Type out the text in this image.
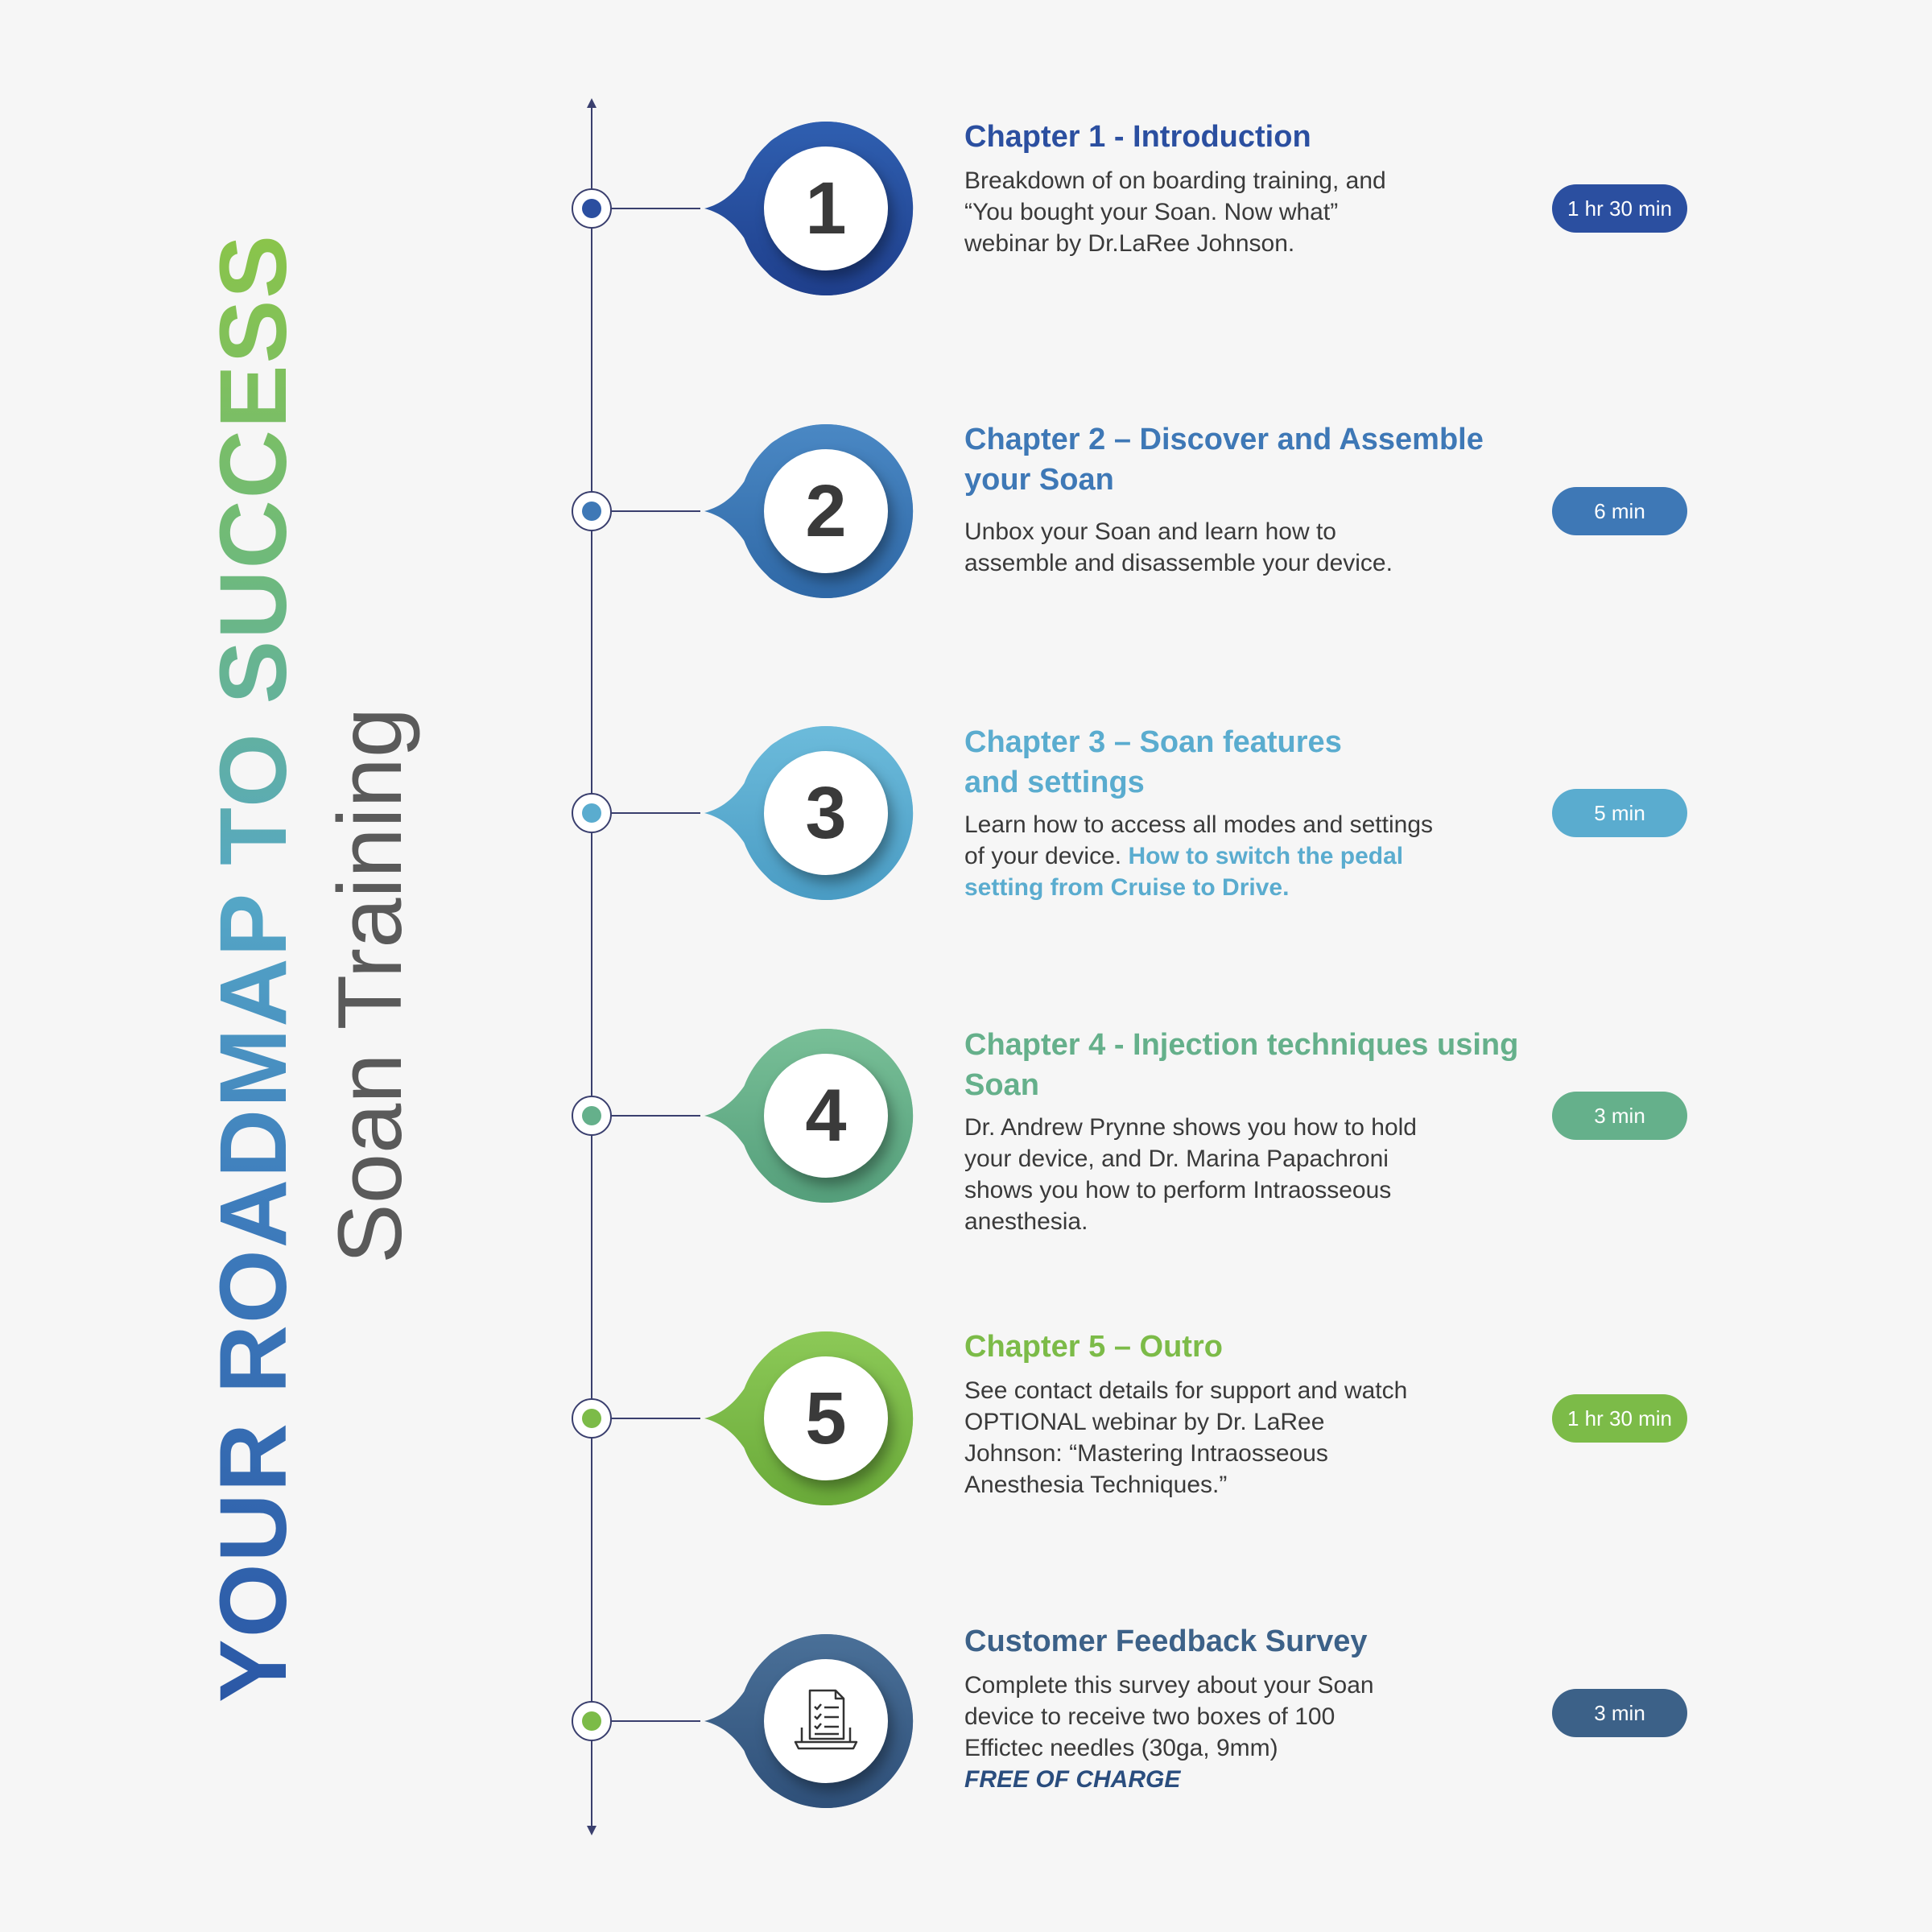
YOUR ROADMAP TO SUCCESS Soan Training
1
2
3
4
5
Chapter 1 - Introduction
Breakdown of on boarding training, and “You bought your Soan. Now what” webinar by Dr.LaRee Johnson.
1 hr 30 min
Chapter 2 – Discover and Assemble your Soan
Unbox your Soan and learn how to assemble and disassemble your device.
6 min
Chapter 3 – Soan features and settings
Learn how to access all modes and settings of your device. How to switch the pedal setting from Cruise to Drive.
5 min
Chapter 4 - Injection techniques using Soan
Dr. Andrew Prynne shows you how to hold your device, and Dr. Marina Papachroni shows you how to perform Intraosseous anesthesia.
3 min
Chapter 5 – Outro
See contact details for support and watch OPTIONAL webinar by Dr. LaRee Johnson: “Mastering Intraosseous Anesthesia Techniques.”
1 hr 30 min
Customer Feedback Survey
Complete this survey about your Soan device to receive two boxes of 100 Effictec needles (30ga, 9mm)
FREE OF CHARGE
3 min
